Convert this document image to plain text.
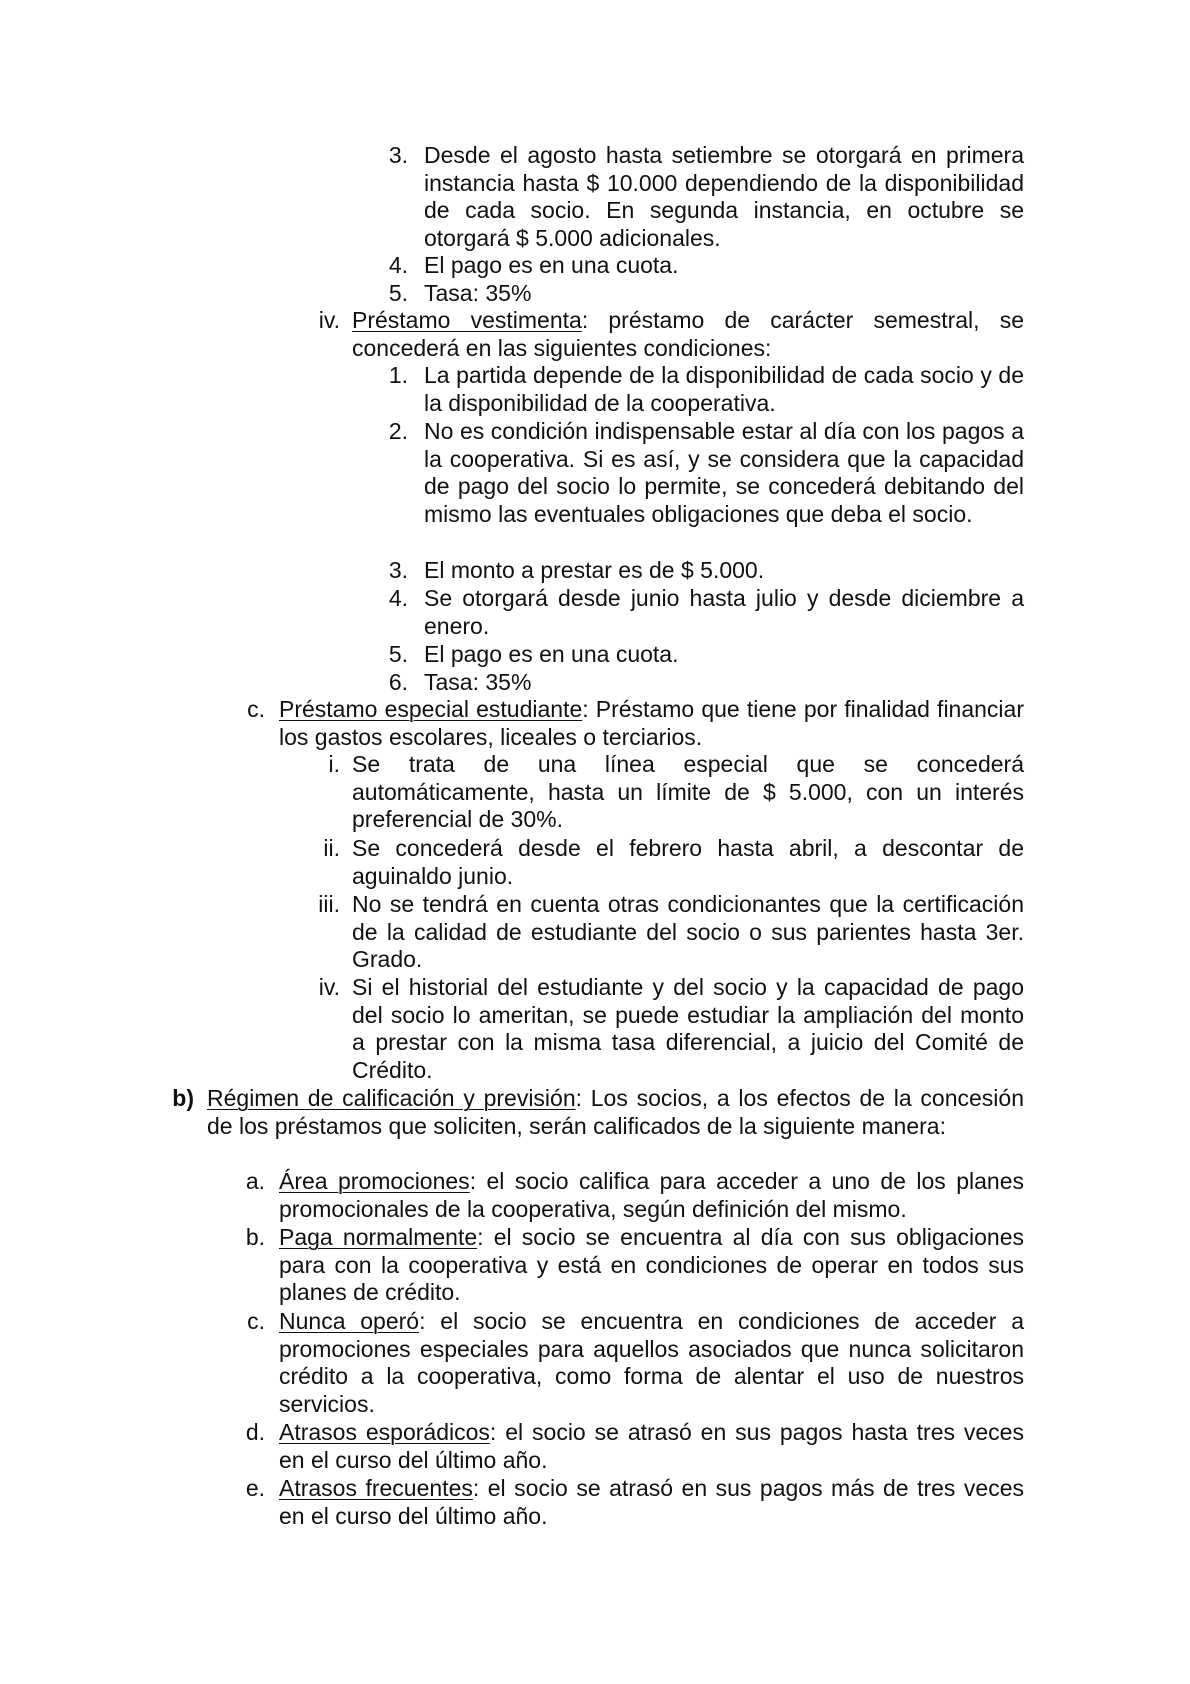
3. Desde el agosto hasta setiembre se otorgará en primera instancia hasta $ 10.000 dependiendo de la disponibilidad de cada socio. En segunda instancia, en octubre se otorgará $ 5.000 adicionales.
4. El pago es en una cuota.
5. Tasa: 35%
iv. Préstamo vestimenta: préstamo de carácter semestral, se concederá en las siguientes condiciones:
1. La partida depende de la disponibilidad de cada socio y de la disponibilidad de la cooperativa.
2. No es condición indispensable estar al día con los pagos a la cooperativa. Si es así, y se considera que la capacidad de pago del socio lo permite, se concederá debitando del mismo las eventuales obligaciones que deba el socio.
3. El monto a prestar es de $ 5.000.
4. Se otorgará desde junio hasta julio y desde diciembre a enero.
5. El pago es en una cuota.
6. Tasa: 35%
c. Préstamo especial estudiante: Préstamo que tiene por finalidad financiar los gastos escolares, liceales o terciarios.
i. Se trata de una línea especial que se concederá automáticamente, hasta un límite de $ 5.000, con un interés preferencial de 30%.
ii. Se concederá desde el febrero hasta abril, a descontar de aguinaldo junio.
iii. No se tendrá en cuenta otras condicionantes que la certificación de la calidad de estudiante del socio o sus parientes hasta 3er. Grado.
iv. Si el historial del estudiante y del socio y la capacidad de pago del socio lo ameritan, se puede estudiar la ampliación del monto a prestar con la misma tasa diferencial, a juicio del Comité de Crédito.
b) Régimen de calificación y previsión: Los socios, a los efectos de la concesión de los préstamos que soliciten, serán calificados de la siguiente manera:
a. Área promociones: el socio califica para acceder a uno de los planes promocionales de la cooperativa, según definición del mismo.
b. Paga normalmente: el socio se encuentra al día con sus obligaciones para con la cooperativa y está en condiciones de operar en todos sus planes de crédito.
c. Nunca operó: el socio se encuentra en condiciones de acceder a promociones especiales para aquellos asociados que nunca solicitaron crédito a la cooperativa, como forma de alentar el uso de nuestros servicios.
d. Atrasos esporádicos: el socio se atrasó en sus pagos hasta tres veces en el curso del último año.
e. Atrasos frecuentes: el socio se atrasó en sus pagos más de tres veces en el curso del último año.
